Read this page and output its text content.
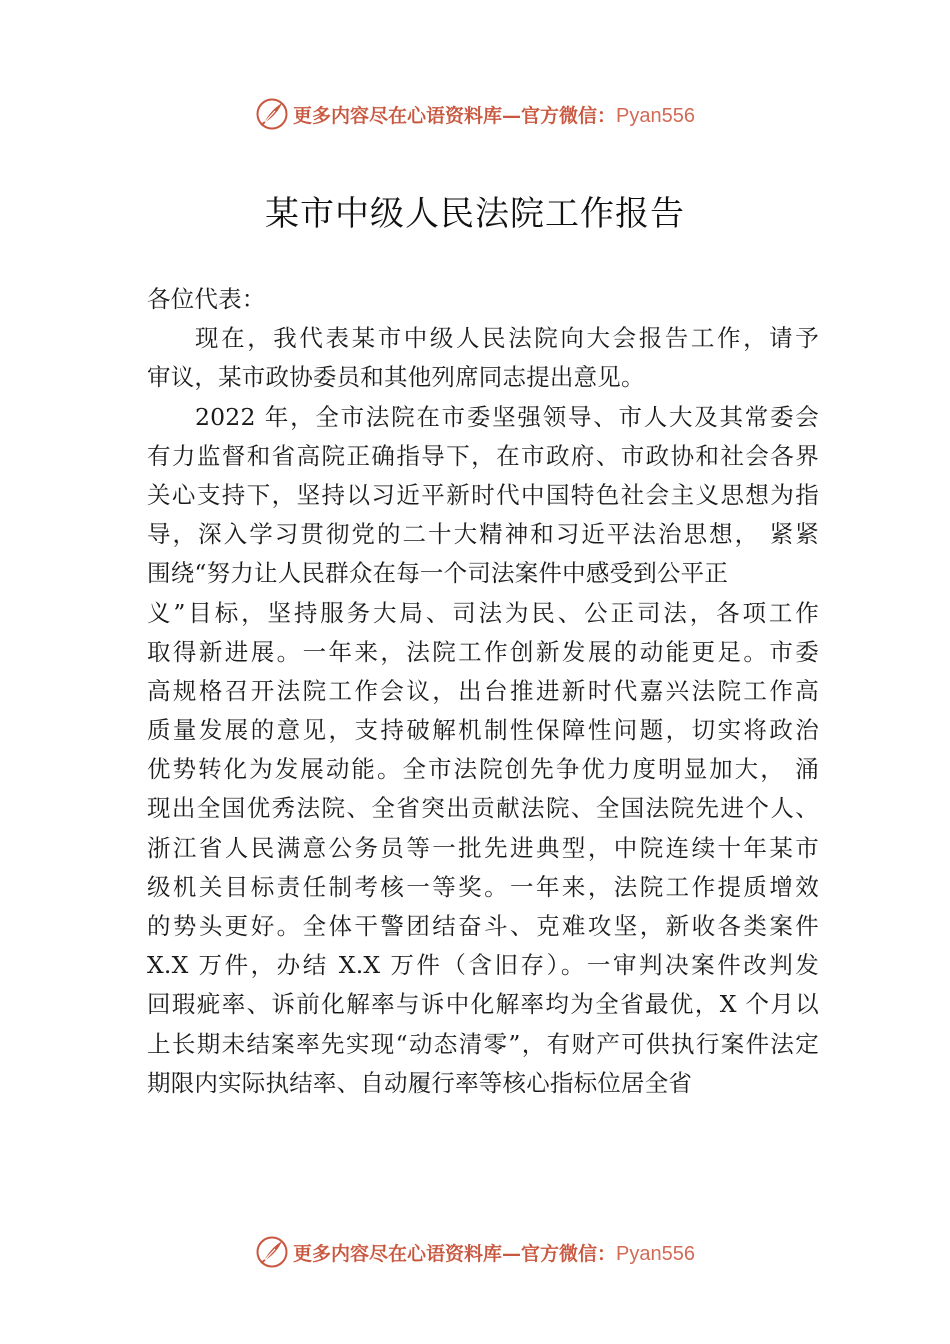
更多内容尽在心语资料库—官方微信：Pyan556
某市中级人民法院工作报告
各位代表：
现在，我代表某市中级人民法院向大会报告工作，请予
审议，某市政协委员和其他列席同志提出意见。
2022 年，全市法院在市委坚强领导、市人大及其常委会
有力监督和省高院正确指导下，在市政府、市政协和社会各界
关心支持下，坚持以习近平新时代中国特色社会主义思想为指
导，深入学习贯彻党的二十大精神和习近平法治思想， 紧紧
围绕“努力让人民群众在每一个司法案件中感受到公平正
义”目标，坚持服务大局、司法为民、公正司法，各项工作
取得新进展。一年来，法院工作创新发展的动能更足。市委
高规格召开法院工作会议，出台推进新时代嘉兴法院工作高
质量发展的意见，支持破解机制性保障性问题，切实将政治
优势转化为发展动能。全市法院创先争优力度明显加大， 涌
现出全国优秀法院、全省突出贡献法院、全国法院先进个人、
浙江省人民满意公务员等一批先进典型，中院连续十年某市
级机关目标责任制考核一等奖。一年来，法院工作提质增效
的势头更好。全体干警团结奋斗、克难攻坚，新收各类案件
X.X 万件，办结 X.X 万件（含旧存）。一审判决案件改判发
回瑕疵率、诉前化解率与诉中化解率均为全省最优，X 个月以
上长期未结案率先实现“动态清零”，有财产可供执行案件法定
期限内实际执结率、自动履行率等核心指标位居全省
更多内容尽在心语资料库—官方微信：Pyan556
